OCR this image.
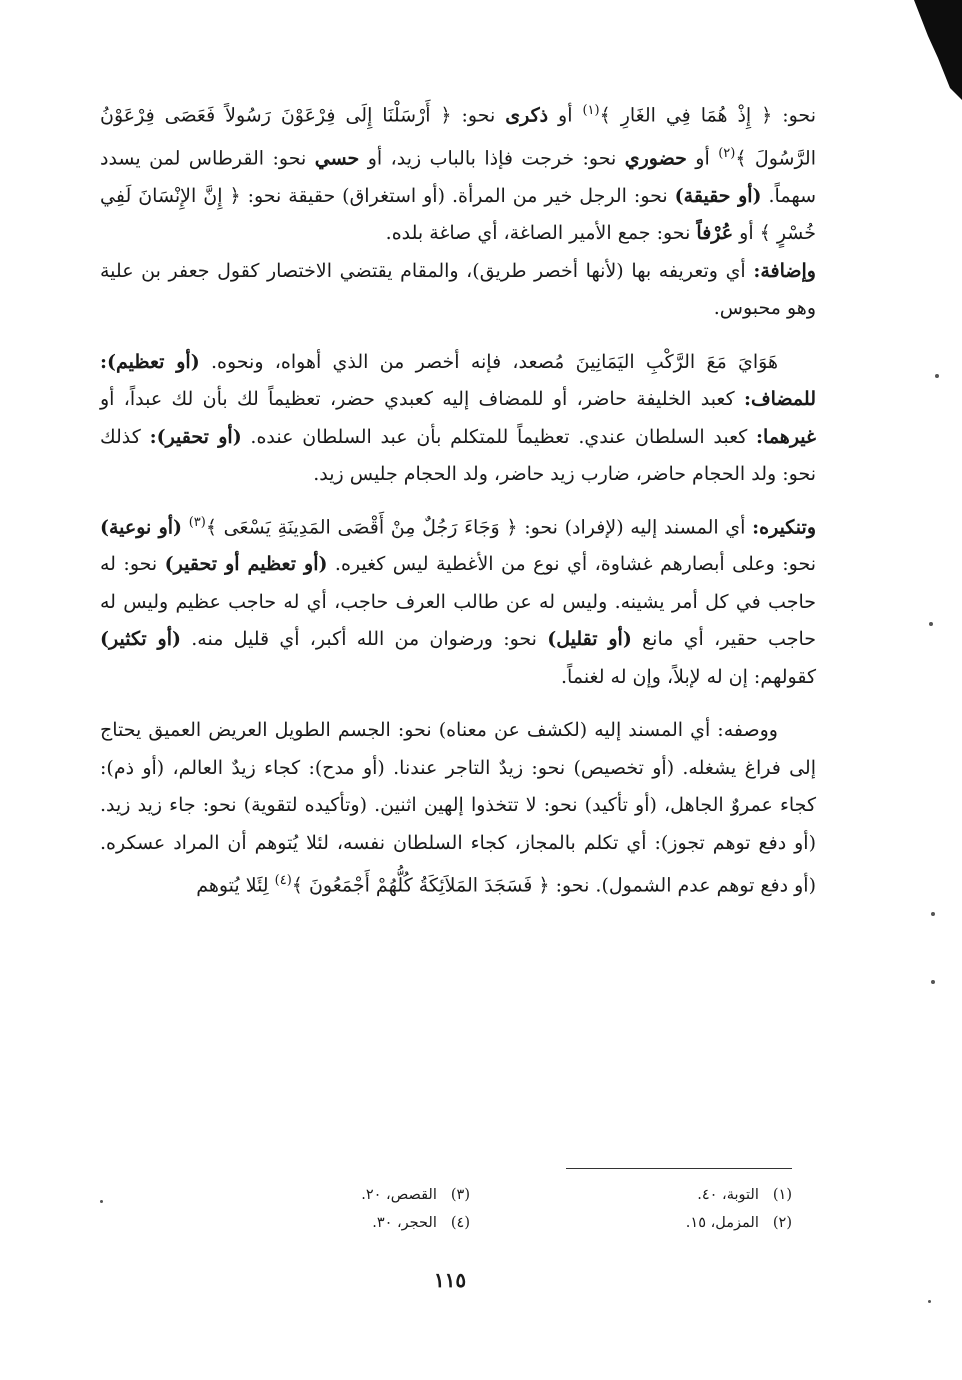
نحو: ﴿ إِذْ هُمَا فِي الغَارِ ﴾$^{(١)}$ أو ذكرى نحو: ﴿ أَرْسَلْنَا إِلَى فِرْعَوْنَ رَسُولاً فَعَصَى فِرْعَوْنُ الرَّسُولَ ﴾$^{(٢)}$ أو حضوري نحو: خرجت فإذا بالباب زيد، أو حسي نحو: القرطاس لمن يسدد سهماً. (أو حقيقة) نحو: الرجل خير من المرأة. (أو استغراق) حقيقة نحو: ﴿ إِنَّ الإِنْسَانَ لَفِي خُسْرٍ ﴾ أو عُرْفاً نحو: جمع الأمير الصاغة، أي صاغة بلده.

وإضافة: أي وتعريفه بها (لأنها أخصر طريق)، والمقام يقتضي الاختصار كقول جعفر بن علية وهو محبوس.

هَوَايَ مَعَ الرَّكْبِ اليَمَانِينَ مُصعد، فإنه أخصر من الذي أهواه، ونحوه. (أو تعظيم): للمضاف: كعبد الخليفة حاضر، أو للمضاف إليه كعبدي حضر، تعظيماً لك بأن لك عبداً، أو غيرهما: كعبد السلطان عندي. تعظيماً للمتكلم بأن عبد السلطان عنده. (أو تحقير): كذلك نحو: ولد الحجام حاضر، ضارب زيد حاضر، ولد الحجام جليس زيد.

وتنكيره: أي المسند إليه (لإفراد) نحو: ﴿ وَجَاءَ رَجُلٌ مِنْ أَقْصَى المَدِينَةِ يَسْعَى ﴾$^{(٣)}$ (أو نوعية) نحو: وعلى أبصارهم غشاوة، أي نوع من الأغطية ليس كغيره. (أو تعظيم أو تحقير) نحو: له حاجب في كل أمر يشينه. وليس له عن طالب العرف حاجب، أي له حاجب عظيم وليس له حاجب حقير، أي مانع (أو تقليل) نحو: ورضوان من الله أكبر، أي قليل منه. (أو تكثير) كقولهم: إن له لإبلاً، وإن له لغنماً.

ووصفه: أي المسند إليه (لكشف عن معناه) نحو: الجسم الطويل العريض العميق يحتاج إلى فراغ يشغله. (أو تخصيص) نحو: زيدٌ التاجر عندنا. (أو مدح): كجاء زيدٌ العالم، (أو ذم): كجاء عمروٌ الجاهل، (أو تأكيد) نحو: لا تتخذوا إلهين اثنين. (وتأكيده لتقوية) نحو: جاء زيد زيد. (أو دفع توهم تجوز): أي تكلم بالمجاز، كجاء السلطان نفسه، لئلا يُتوهم أن المراد عسكره. (أو دفع توهم عدم الشمول). نحو: ﴿ فَسَجَدَ المَلاَئِكَةُ كُلُّهُمْ أَجْمَعُونَ ﴾$^{(٤)}$ لِئَلا يُتوهم

(١)التوبة، ٤٠.
(٢)المزمل، ١٥.
(٣)القصص، ٢٠.
(٤)الحجر، ٣٠.
١١٥
